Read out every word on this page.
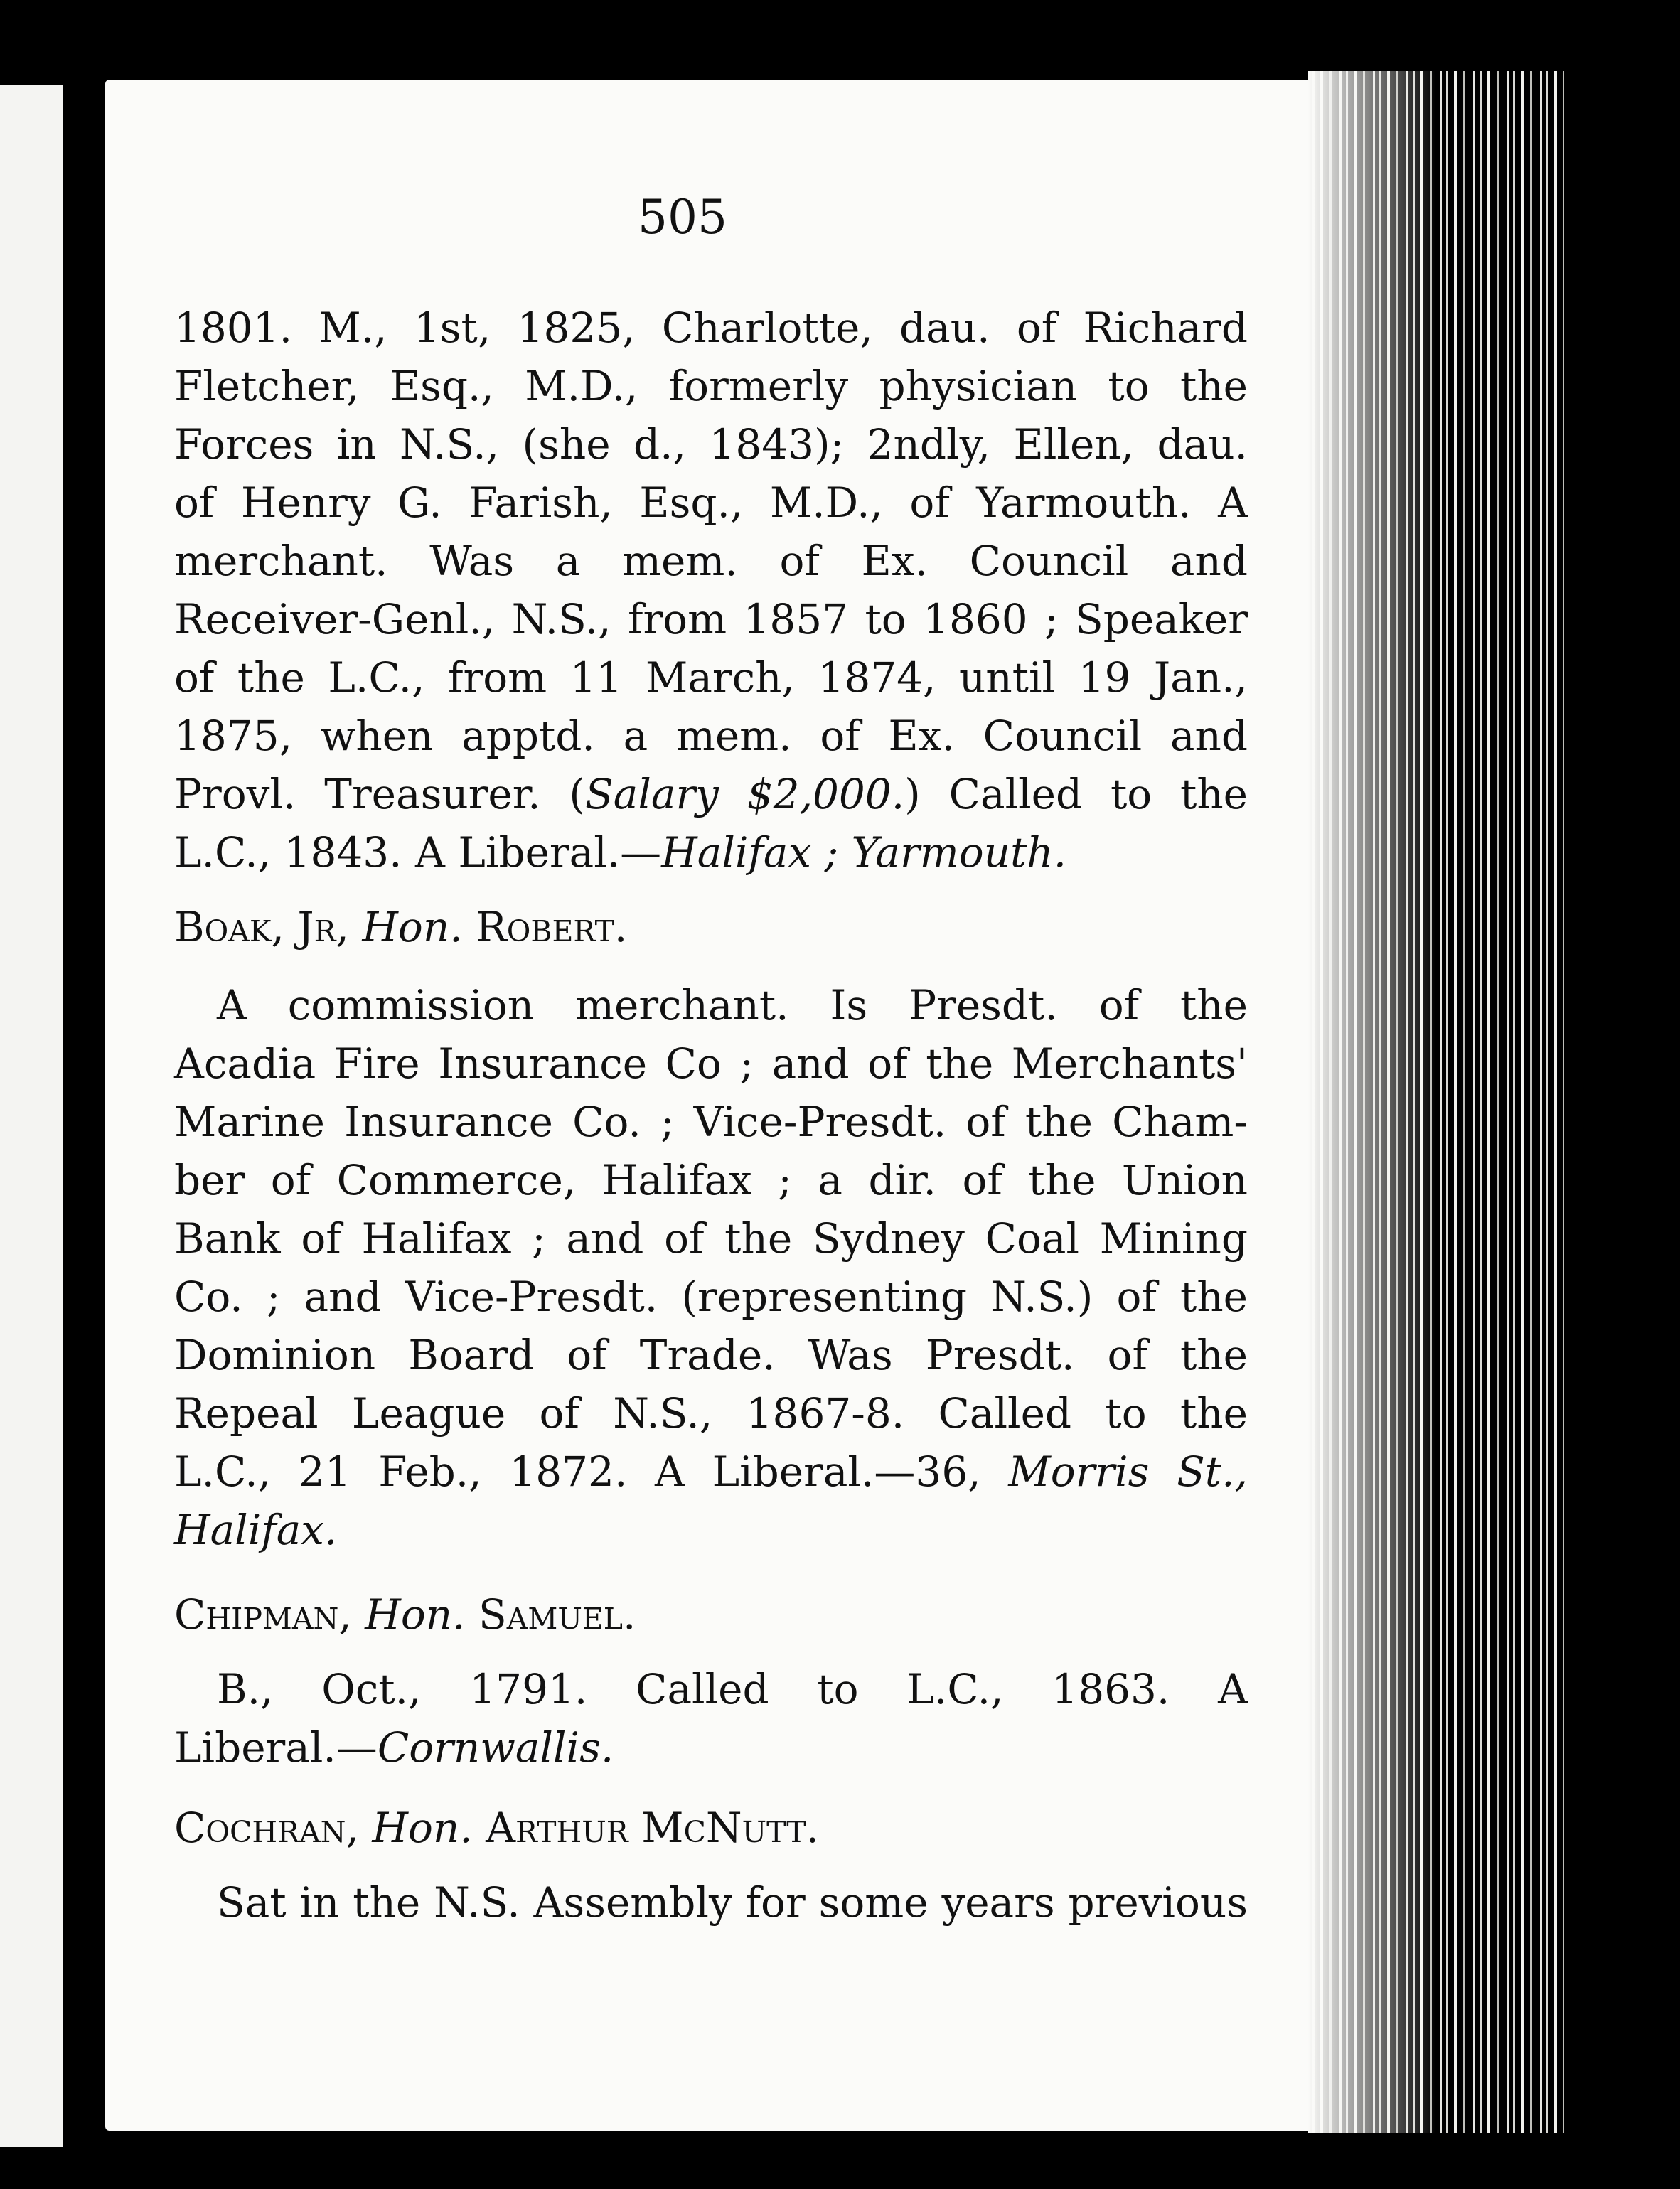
505
1801. M., 1st, 1825, Charlotte, dau. of Richard
Fletcher, Esq., M.D., formerly physician to the
Forces in N.S., (she d., 1843); 2ndly, Ellen, dau.
of Henry G. Farish, Esq., M.D., of Yarmouth. A
merchant. Was a mem. of Ex. Council and
Receiver-Genl., N.S., from 1857 to 1860 ; Speaker
of the L.C., from 11 March, 1874, until 19 Jan.,
1875, when apptd. a mem. of Ex. Council and
Provl. Treasurer. (Salary $2,000.) Called to the
L.C., 1843. A Liberal.—Halifax ; Yarmouth.
Boak, Jr, Hon. Robert.
A commission merchant. Is Presdt. of the
Acadia Fire Insurance Co ; and of the Merchants'
Marine Insurance Co. ; Vice-Presdt. of the Cham-
ber of Commerce, Halifax ; a dir. of the Union
Bank of Halifax ; and of the Sydney Coal Mining
Co. ; and Vice-Presdt. (representing N.S.) of the
Dominion Board of Trade. Was Presdt. of the
Repeal League of N.S., 1867-8. Called to the
L.C., 21 Feb., 1872. A Liberal.—36, Morris St.,
Halifax.
Chipman, Hon. Samuel.
B., Oct., 1791. Called to L.C., 1863. A
Liberal.—Cornwallis.
Cochran, Hon. Arthur McNutt.
Sat in the N.S. Assembly for some years previous
